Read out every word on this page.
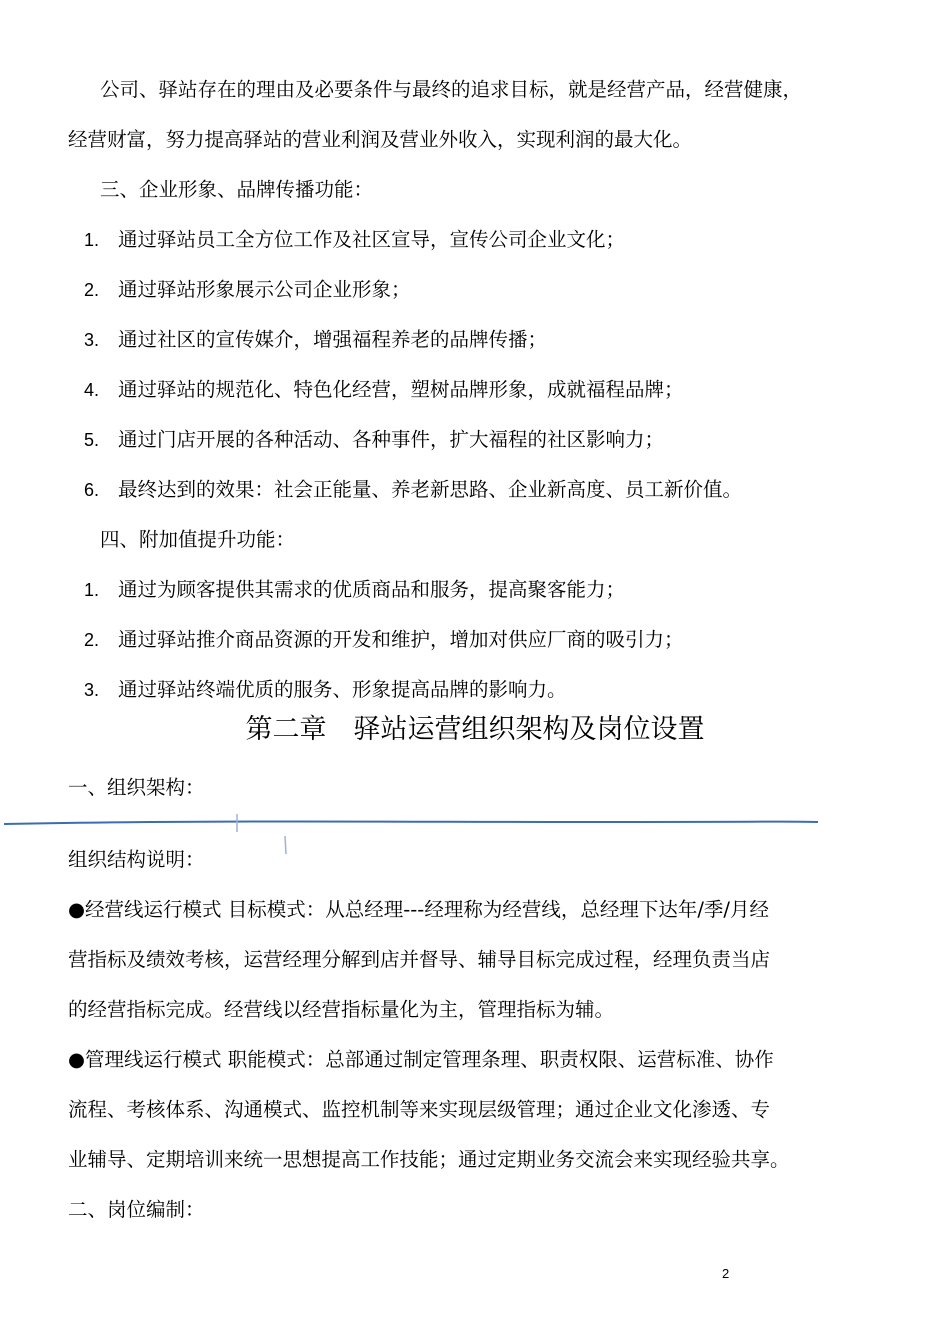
公司、驿站存在的理由及必要条件与最终的追求目标，就是经营产品，经营健康，
经营财富，努力提高驿站的营业利润及营业外收入，实现利润的最大化。
三、企业形象、品牌传播功能：
1. 通过驿站员工全方位工作及社区宣导，宣传公司企业文化；
2. 通过驿站形象展示公司企业形象；
3. 通过社区的宣传媒介，增强福程养老的品牌传播；
4. 通过驿站的规范化、特色化经营，塑树品牌形象，成就福程品牌；
5. 通过门店开展的各种活动、各种事件，扩大福程的社区影响力；
6. 最终达到的效果：社会正能量、养老新思路、企业新高度、员工新价值。
四、附加值提升功能：
1. 通过为顾客提供其需求的优质商品和服务，提高聚客能力；
2. 通过驿站推介商品资源的开发和维护，增加对供应厂商的吸引力；
3. 通过驿站终端优质的服务、形象提高品牌的影响力。
第二章　驿站运营组织架构及岗位设置
一、组织架构：
组织结构说明：
●经营线运行模式 目标模式：从总经理---经理称为经营线，总经理下达年/季/月经
营指标及绩效考核，运营经理分解到店并督导、辅导目标完成过程，经理负责当店
的经营指标完成。经营线以经营指标量化为主，管理指标为辅。
●管理线运行模式 职能模式：总部通过制定管理条理、职责权限、运营标准、协作
流程、考核体系、沟通模式、监控机制等来实现层级管理；通过企业文化渗透、专
业辅导、定期培训来统一思想提高工作技能；通过定期业务交流会来实现经验共享。
二、岗位编制：
2
